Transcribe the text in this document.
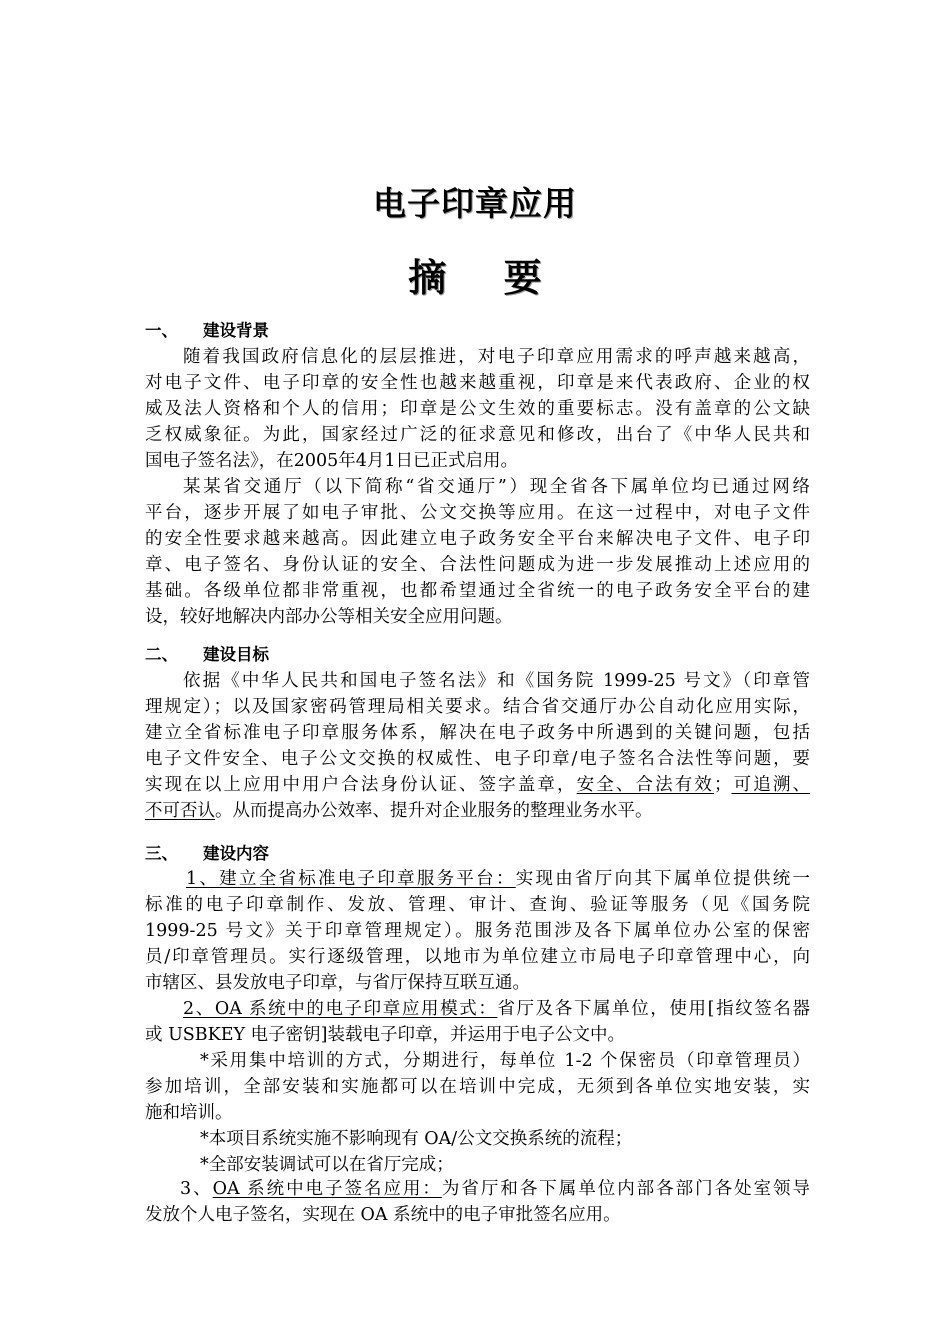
电子印章应用
摘 要
一、 建设背景
随着我国政府信息化的层层推进，对电子印章应用需求的呼声越来越高，
对电子文件、电子印章的安全性也越来越重视，印章是来代表政府、企业的权
威及法人资格和个人的信用；印章是公文生效的重要标志。没有盖章的公文缺
乏权威象征。为此，国家经过广泛的征求意见和修改，出台了《中华人民共和
国电子签名法》，在2005年4月1日已正式启用。
某某省交通厅（以下简称“省交通厅”）现全省各下属单位均已通过网络
平台，逐步开展了如电子审批、公文交换等应用。在这一过程中，对电子文件
的安全性要求越来越高。因此建立电子政务安全平台来解决电子文件、电子印
章、电子签名、身份认证的安全、合法性问题成为进一步发展推动上述应用的
基础。各级单位都非常重视，也都希望通过全省统一的电子政务安全平台的建
设，较好地解决内部办公等相关安全应用问题。
二、 建设目标
依据《中华人民共和国电子签名法》和《国务院 1999-25 号文》（印章管
理规定）；以及国家密码管理局相关要求。结合省交通厅办公自动化应用实际，
建立全省标准电子印章服务体系，解决在电子政务中所遇到的关键问题，包括
电子文件安全、电子公文交换的权威性、电子印章/电子签名合法性等问题，要
实现在以上应用中用户合法身份认证、签字盖章，安全、合法有效；可追溯、
不可否认。从而提高办公效率、提升对企业服务的整理业务水平。
三、 建设内容
1、建立全省标准电子印章服务平台：实现由省厅向其下属单位提供统一
标准的电子印章制作、发放、管理、审计、查询、验证等服务（见《国务院
1999-25 号文》关于印章管理规定）。服务范围涉及各下属单位办公室的保密
员/印章管理员。实行逐级管理，以地市为单位建立市局电子印章管理中心，向
市辖区、县发放电子印章，与省厅保持互联互通。
2、OA 系统中的电子印章应用模式：省厅及各下属单位，使用[指纹签名器
或 USBKEY 电子密钥]装载电子印章，并运用于电子公文中。
*采用集中培训的方式，分期进行，每单位 1-2 个保密员（印章管理员）
参加培训，全部安装和实施都可以在培训中完成，无须到各单位实地安装，实
施和培训。
*本项目系统实施不影响现有 OA/公文交换系统的流程；
*全部安装调试可以在省厅完成；
3、OA 系统中电子签名应用：为省厅和各下属单位内部各部门各处室领导
发放个人电子签名，实现在 OA 系统中的电子审批签名应用。
